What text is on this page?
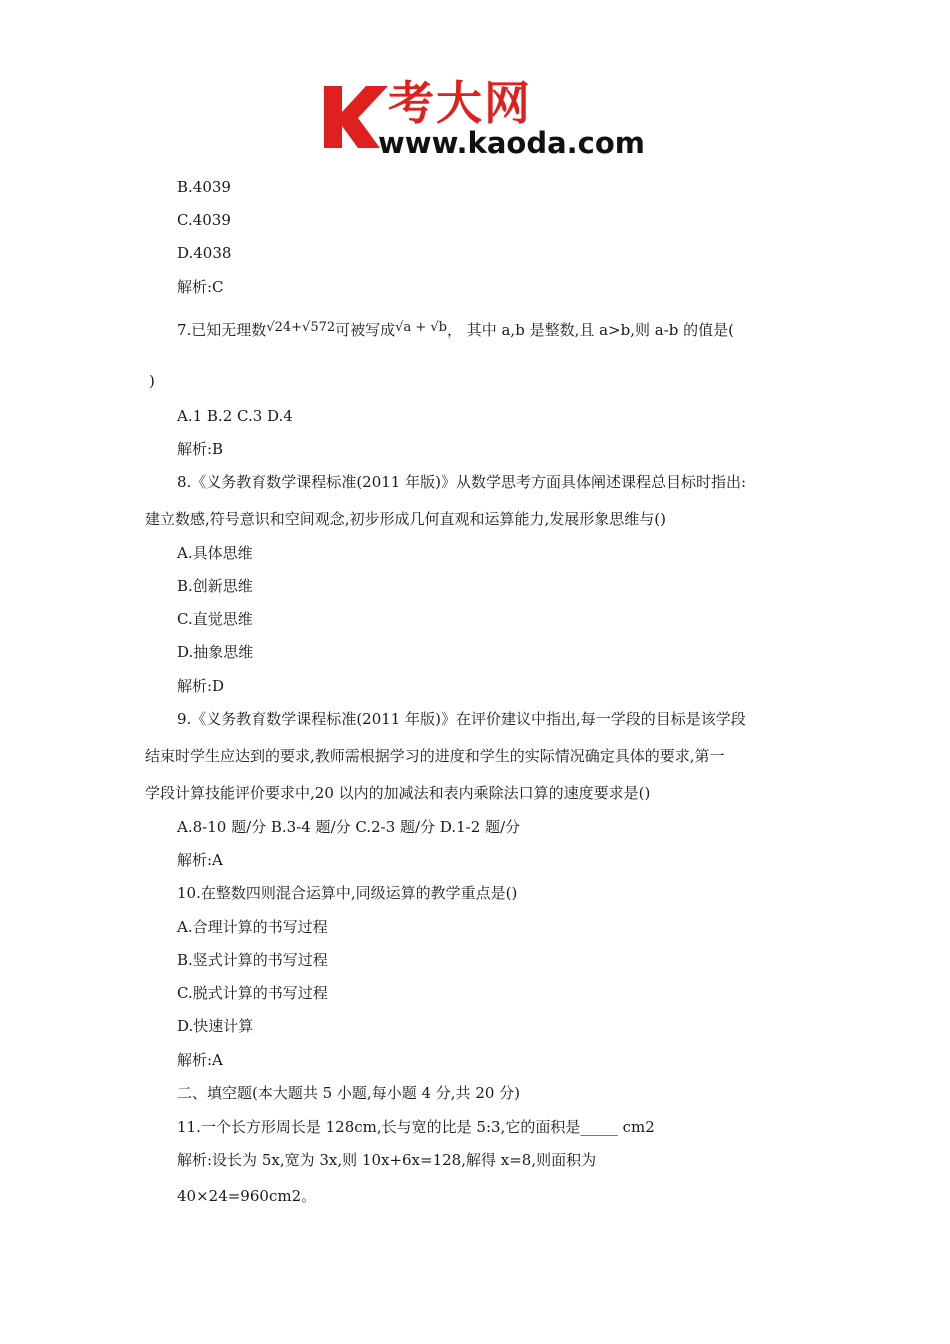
考大网
www.kaoda.com
B.4039
C.4039
D.4038
解析:C
7.已知无理数√24+√572可被写成√a + √b， 其中 a,b 是整数,且 a>b,则 a-b 的值是(
)
A.1 B.2 C.3 D.4
解析:B
8.《义务教育数学课程标准(2011 年版)》从数学思考方面具体阐述课程总目标时指出:
建立数感,符号意识和空间观念,初步形成几何直观和运算能力,发展形象思维与()
A.具体思维
B.创新思维
C.直觉思维
D.抽象思维
解析:D
9.《义务教育数学课程标准(2011 年版)》在评价建议中指出,每一学段的目标是该学段
结束时学生应达到的要求,教师需根据学习的进度和学生的实际情况确定具体的要求,第一
学段计算技能评价要求中,20 以内的加减法和表内乘除法口算的速度要求是()
A.8-10 题/分 B.3-4 题/分 C.2-3 题/分 D.1-2 题/分
解析:A
10.在整数四则混合运算中,同级运算的教学重点是()
A.合理计算的书写过程
B.竖式计算的书写过程
C.脱式计算的书写过程
D.快速计算
解析:A
二、填空题(本大题共 5 小题,每小题 4 分,共 20 分)
11.一个长方形周长是 128cm,长与宽的比是 5:3,它的面积是_____ cm2
解析:设长为 5x,宽为 3x,则 10x+6x=128,解得 x=8,则面积为
40×24=960cm2。
